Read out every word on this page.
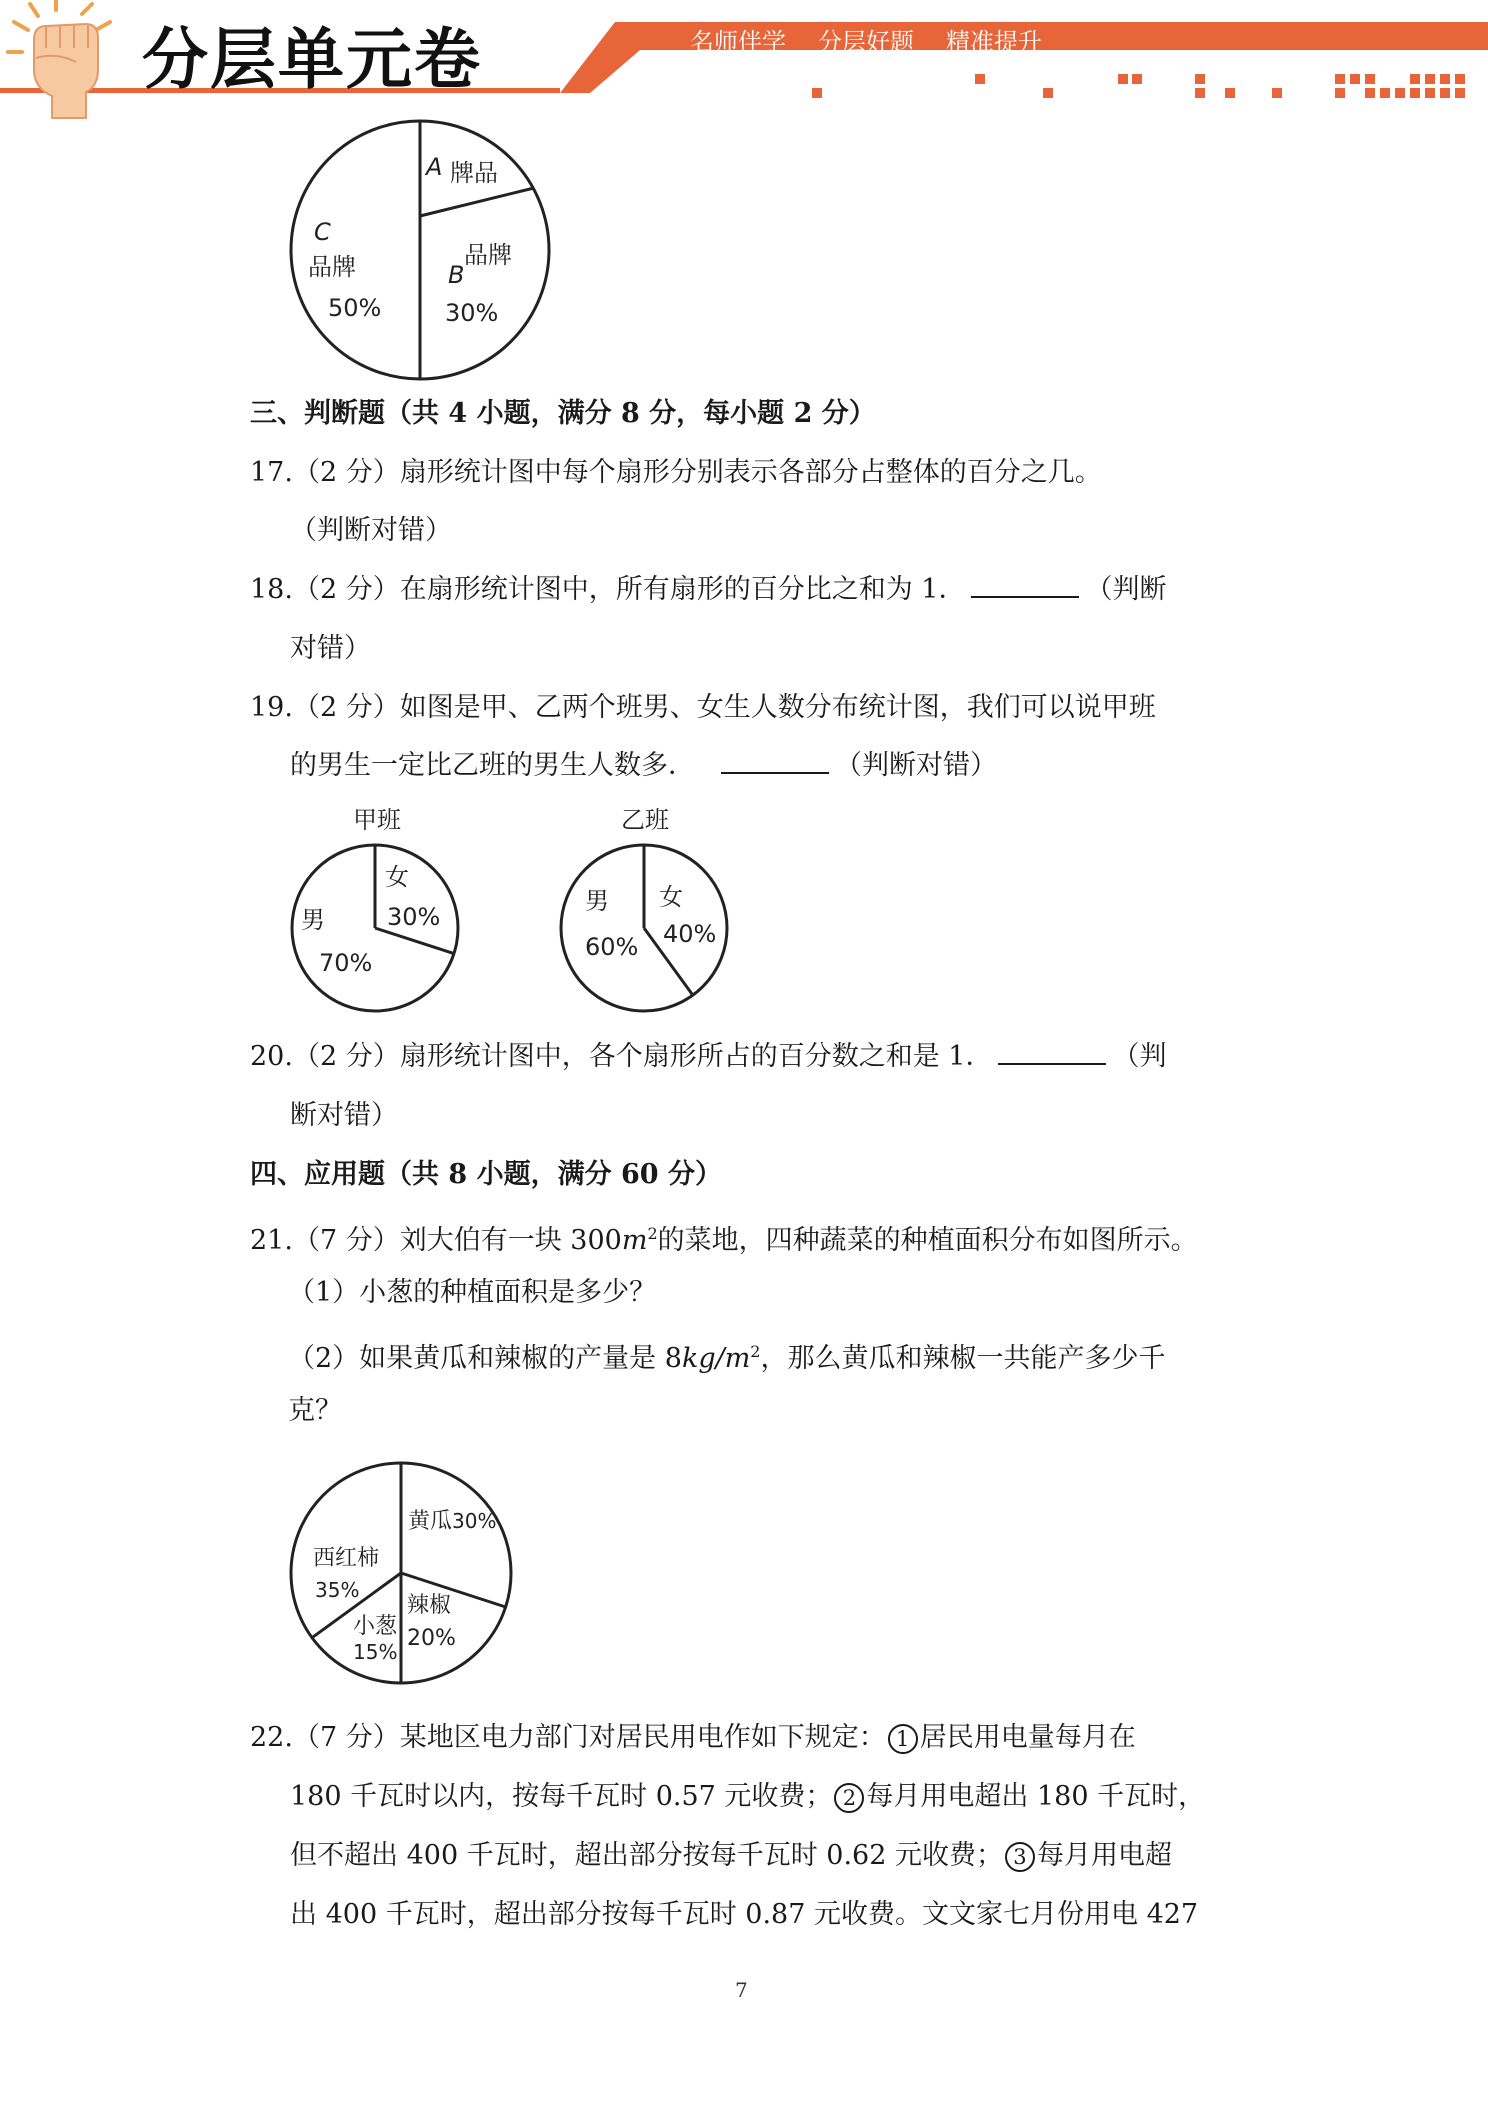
分层单元卷	名师伴学 分层好题 精准提升
A 牌品
品牌
B
30%
C
品牌
50%
三、判断题（共 4 小题，满分 8 分，每小题 2 分）
17.（2 分）扇形统计图中每个扇形分别表示各部分占整体的百分之几。
（判断对错）
18.（2 分）在扇形统计图中，所有扇形的百分比之和为 1．	（判断
对错）
19.（2 分）如图是甲、乙两个班男、女生人数分布统计图，我们可以说甲班
的男生一定比乙班的男生人数多．	（判断对错）
甲班
男
70%
女
30%
乙班
男
60%
女
40%
20.（2 分）扇形统计图中，各个扇形所占的百分数之和是 1．	（判
断对错）
四、应用题（共 8 小题，满分 60 分）
21.（7 分）刘大伯有一块 $300m^2$的菜地，四种蔬菜的种植面积分布如图所示。
（1）小葱的种植面积是多少？
（2）如果黄瓜和辣椒的产量是 $8kg/m^2$，那么黄瓜和辣椒一共能产多少千
克？
黄瓜 30%
辣椒
20%
小葱
15%
西红柿
35%
22.（7 分）某地区电力部门对居民用电作如下规定： 1 居民用电量每月在
180 千瓦时以内，按每千瓦时 0.57 元收费； 2 每月用电超出 180 千瓦时，
但不超出 400 千瓦时，超出部分按每千瓦时 0.62 元收费； 3 每月用电超
出 400 千瓦时，超出部分按每千瓦时 0.87 元收费。文文家七月份用电 427
7
